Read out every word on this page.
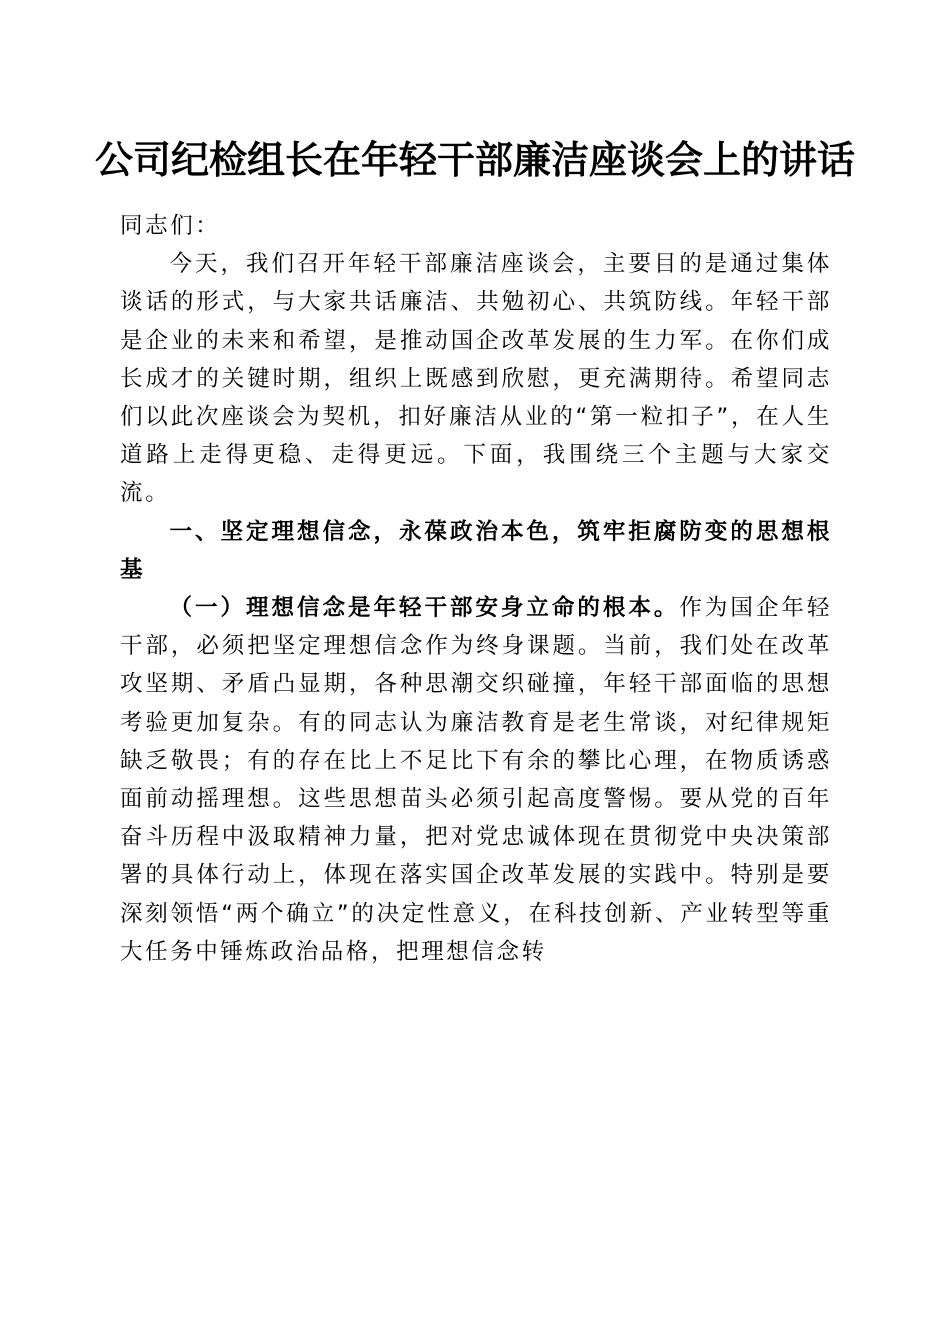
公司纪检组长在年轻干部廉洁座谈会上的讲话

同志们：

今天，我们召开年轻干部廉洁座谈会，主要目的是通过集体谈话的形式，与大家共话廉洁、共勉初心、共筑防线。年轻干部是企业的未来和希望，是推动国企改革发展的生力军。在你们成长成才的关键时期，组织上既感到欣慰，更充满期待。希望同志们以此次座谈会为契机，扣好廉洁从业的“第一粒扣子”，在人生道路上走得更稳、走得更远。下面，我围绕三个主题与大家交流。

一、坚定理想信念，永葆政治本色，筑牢拒腐防变的思想根基

（一）理想信念是年轻干部安身立命的根本。作为国企年轻干部，必须把坚定理想信念作为终身课题。当前，我们处在改革攻坚期、矛盾凸显期，各种思潮交织碰撞，年轻干部面临的思想考验更加复杂。有的同志认为廉洁教育是老生常谈，对纪律规矩缺乏敬畏；有的存在比上不足比下有余的攀比心理，在物质诱惑面前动摇理想。这些思想苗头必须引起高度警惕。要从党的百年奋斗历程中汲取精神力量，把对党忠诚体现在贯彻党中央决策部署的具体行动上，体现在落实国企改革发展的实践中。特别是要深刻领悟“两个确立”的决定性意义，在科技创新、产业转型等重大任务中锤炼政治品格，把理想信念转
